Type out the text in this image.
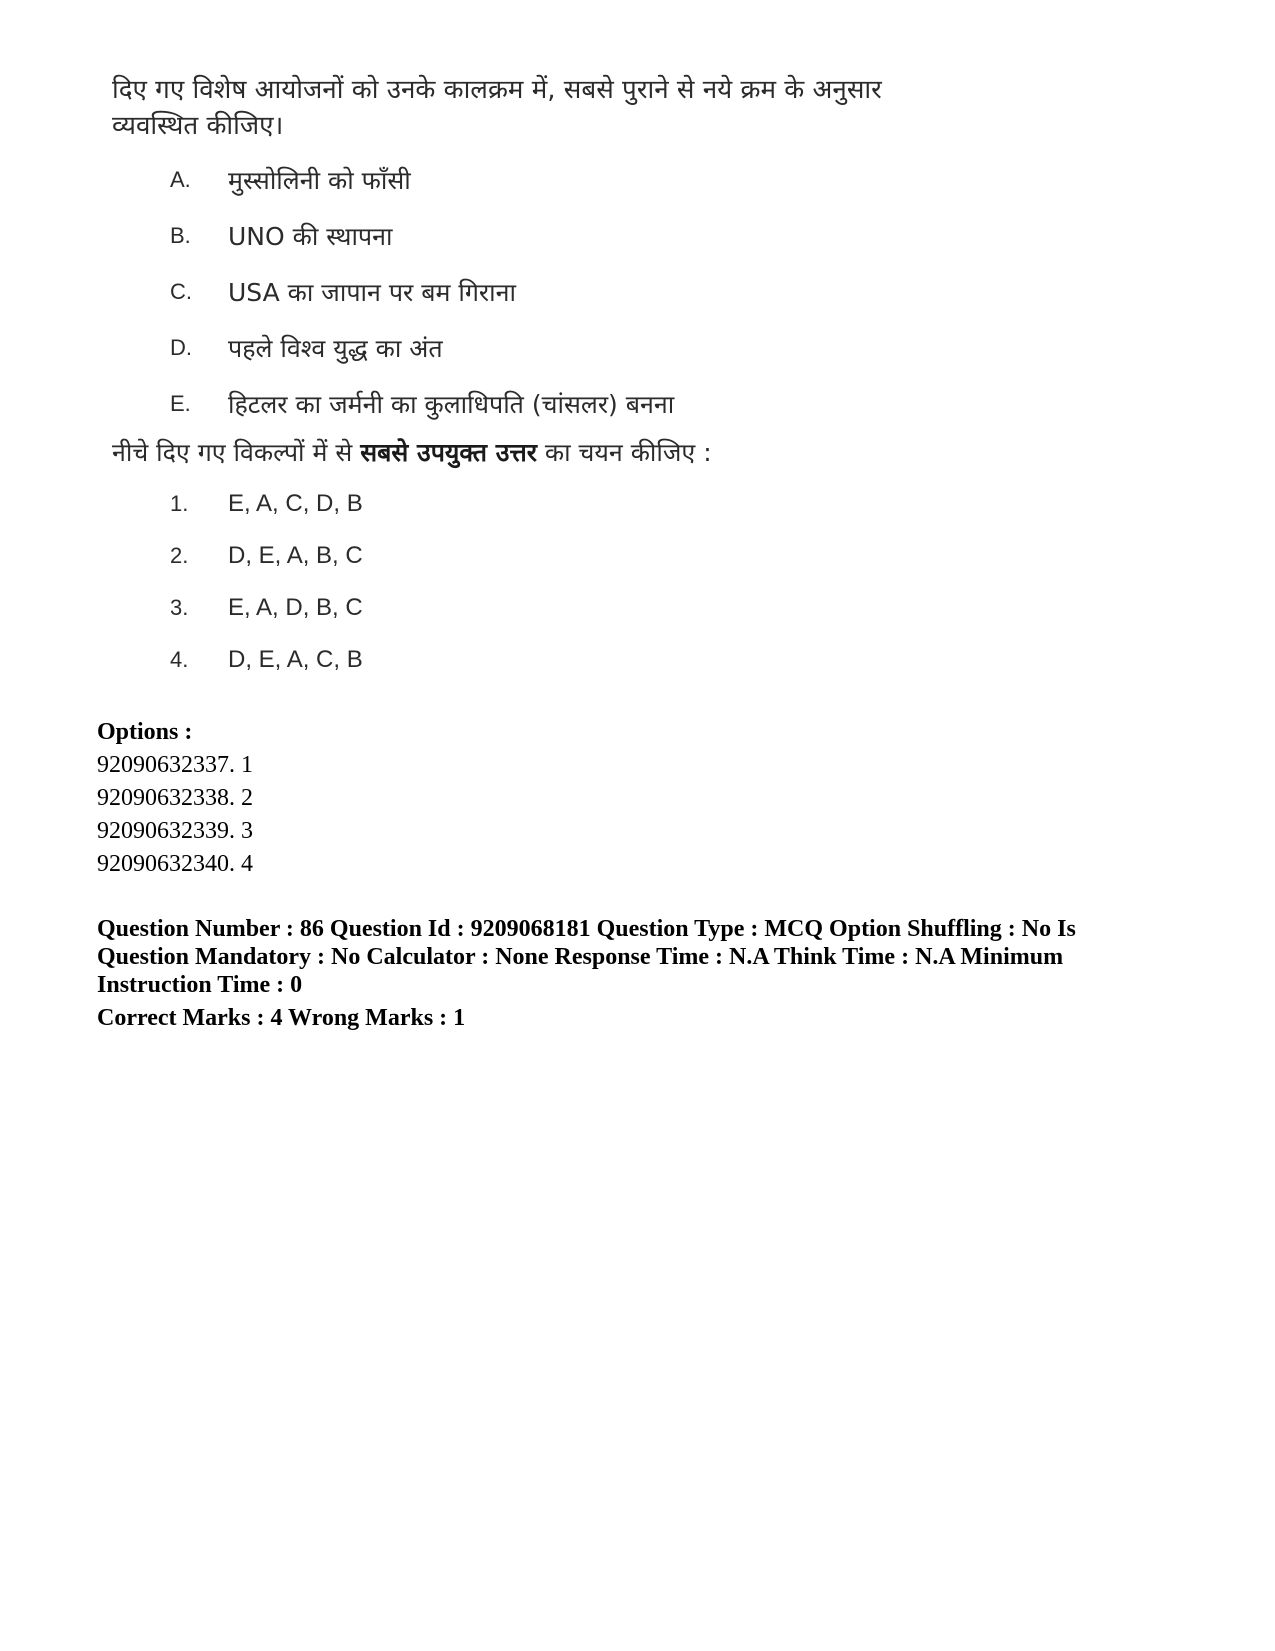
दिए गए विशेष आयोजनों को उनके कालक्रम में, सबसे पुराने से नये क्रम के अनुसार व्यवस्थित कीजिए।

A.	मुस्सोलिनी को फाँसी
B.	UNO की स्थापना
C.	USA का जापान पर बम गिराना
D.	पहले विश्व युद्ध का अंत
E.	हिटलर का जर्मनी का कुलाधिपति (चांसलर) बनना

नीचे दिए गए विकल्पों में से सबसे उपयुक्त उत्तर का चयन कीजिए :

1.	E, A, C, D, B
2.	D, E, A, B, C
3.	E, A, D, B, C
4.	D, E, A, C, B
Options :
92090632337. 1
92090632338. 2
92090632339. 3
92090632340. 4
Question Number : 86 Question Id : 9209068181 Question Type : MCQ Option Shuffling : No Is Question Mandatory : No Calculator : None Response Time : N.A Think Time : N.A Minimum Instruction Time : 0
Correct Marks : 4 Wrong Marks : 1
